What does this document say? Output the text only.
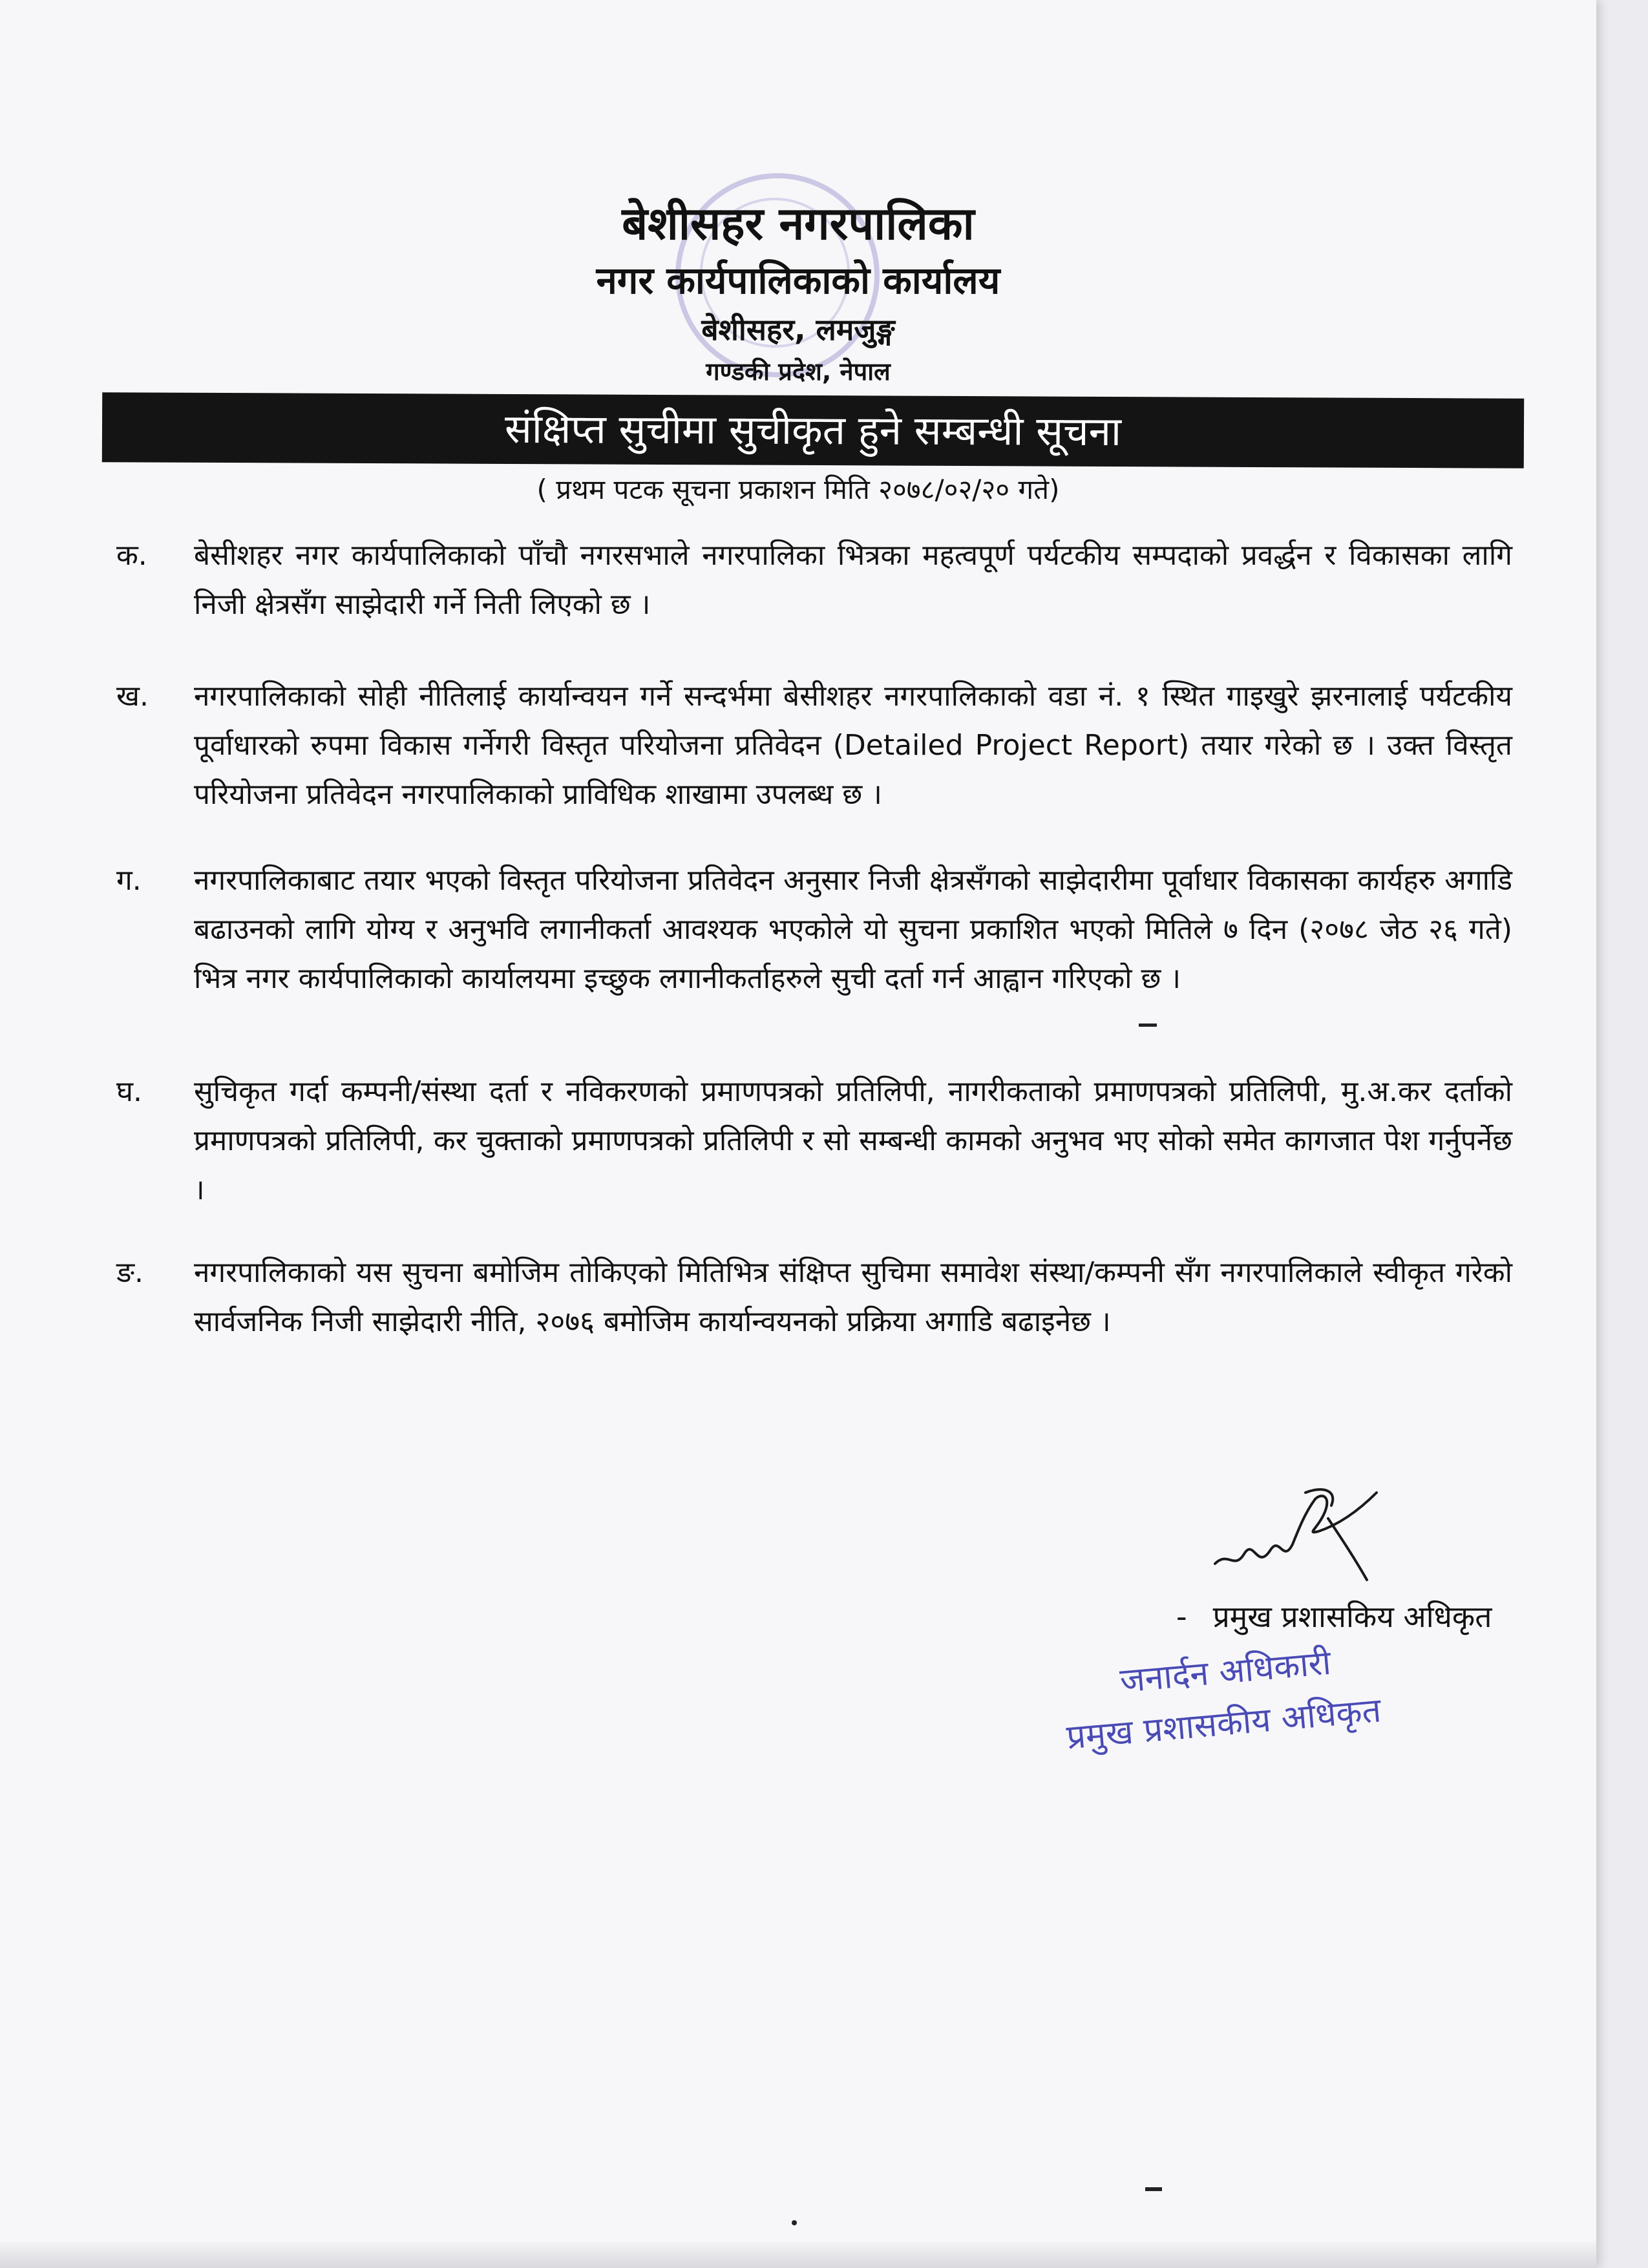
बेशीसहर नगरपालिका
नगर कार्यपालिकाको कार्यालय
बेशीसहर, लमजुङ्ग
गण्डकी प्रदेश, नेपाल
संक्षिप्त सुचीमा सुचीकृत हुने सम्बन्धी सूचना
( प्रथम पटक सूचना प्रकाशन मिति २०७८/०२/२० गते)
क.	बेसीशहर नगर कार्यपालिकाको पाँचौ नगरसभाले नगरपालिका भित्रका महत्वपूर्ण पर्यटकीय सम्पदाको प्रवर्द्धन र विकासका लागि निजी क्षेत्रसँग साझेदारी गर्ने निती लिएको छ ।
ख.	नगरपालिकाको सोही नीतिलाई कार्यान्वयन गर्ने सन्दर्भमा बेसीशहर नगरपालिकाको वडा नं. १ स्थित गाइखुरे झरनालाई पर्यटकीय पूर्वाधारको रुपमा विकास गर्नेगरी विस्तृत परियोजना प्रतिवेदन (Detailed Project Report) तयार गरेको छ । उक्त विस्तृत परियोजना प्रतिवेदन नगरपालिकाको प्राविधिक शाखामा उपलब्ध छ ।
ग.	नगरपालिकाबाट तयार भएको विस्तृत परियोजना प्रतिवेदन अनुसार निजी क्षेत्रसँगको साझेदारीमा पूर्वाधार विकासका कार्यहरु अगाडि बढाउनको लागि योग्य र अनुभवि लगानीकर्ता आवश्यक भएकोले यो सुचना प्रकाशित भएको मितिले ७ दिन (२०७८ जेठ २६ गते) भित्र नगर कार्यपालिकाको कार्यालयमा इच्छुक लगानीकर्ताहरुले सुची दर्ता गर्न आह्वान गरिएको छ ।
घ.	सुचिकृत गर्दा कम्पनी/संस्था दर्ता र नविकरणको प्रमाणपत्रको प्रतिलिपी, नागरीकताको प्रमाणपत्रको प्रतिलिपी, मु.अ.कर दर्ताको प्रमाणपत्रको प्रतिलिपी, कर चुक्ताको प्रमाणपत्रको प्रतिलिपी र सो सम्बन्धी कामको अनुभव भए सोको समेत कागजात पेश गर्नुपर्नेछ ।
ङ.	नगरपालिकाको यस सुचना बमोजिम तोकिएको मितिभित्र संक्षिप्त सुचिमा समावेश संस्था/कम्पनी सँग नगरपालिकाले स्वीकृत गरेको सार्वजनिक निजी साझेदारी नीति, २०७६ बमोजिम कार्यान्वयनको प्रक्रिया अगाडि बढाइनेछ ।
- प्रमुख प्रशासकिय अधिकृत
जनार्दन अधिकारी
प्रमुख प्रशासकीय अधिकृत
